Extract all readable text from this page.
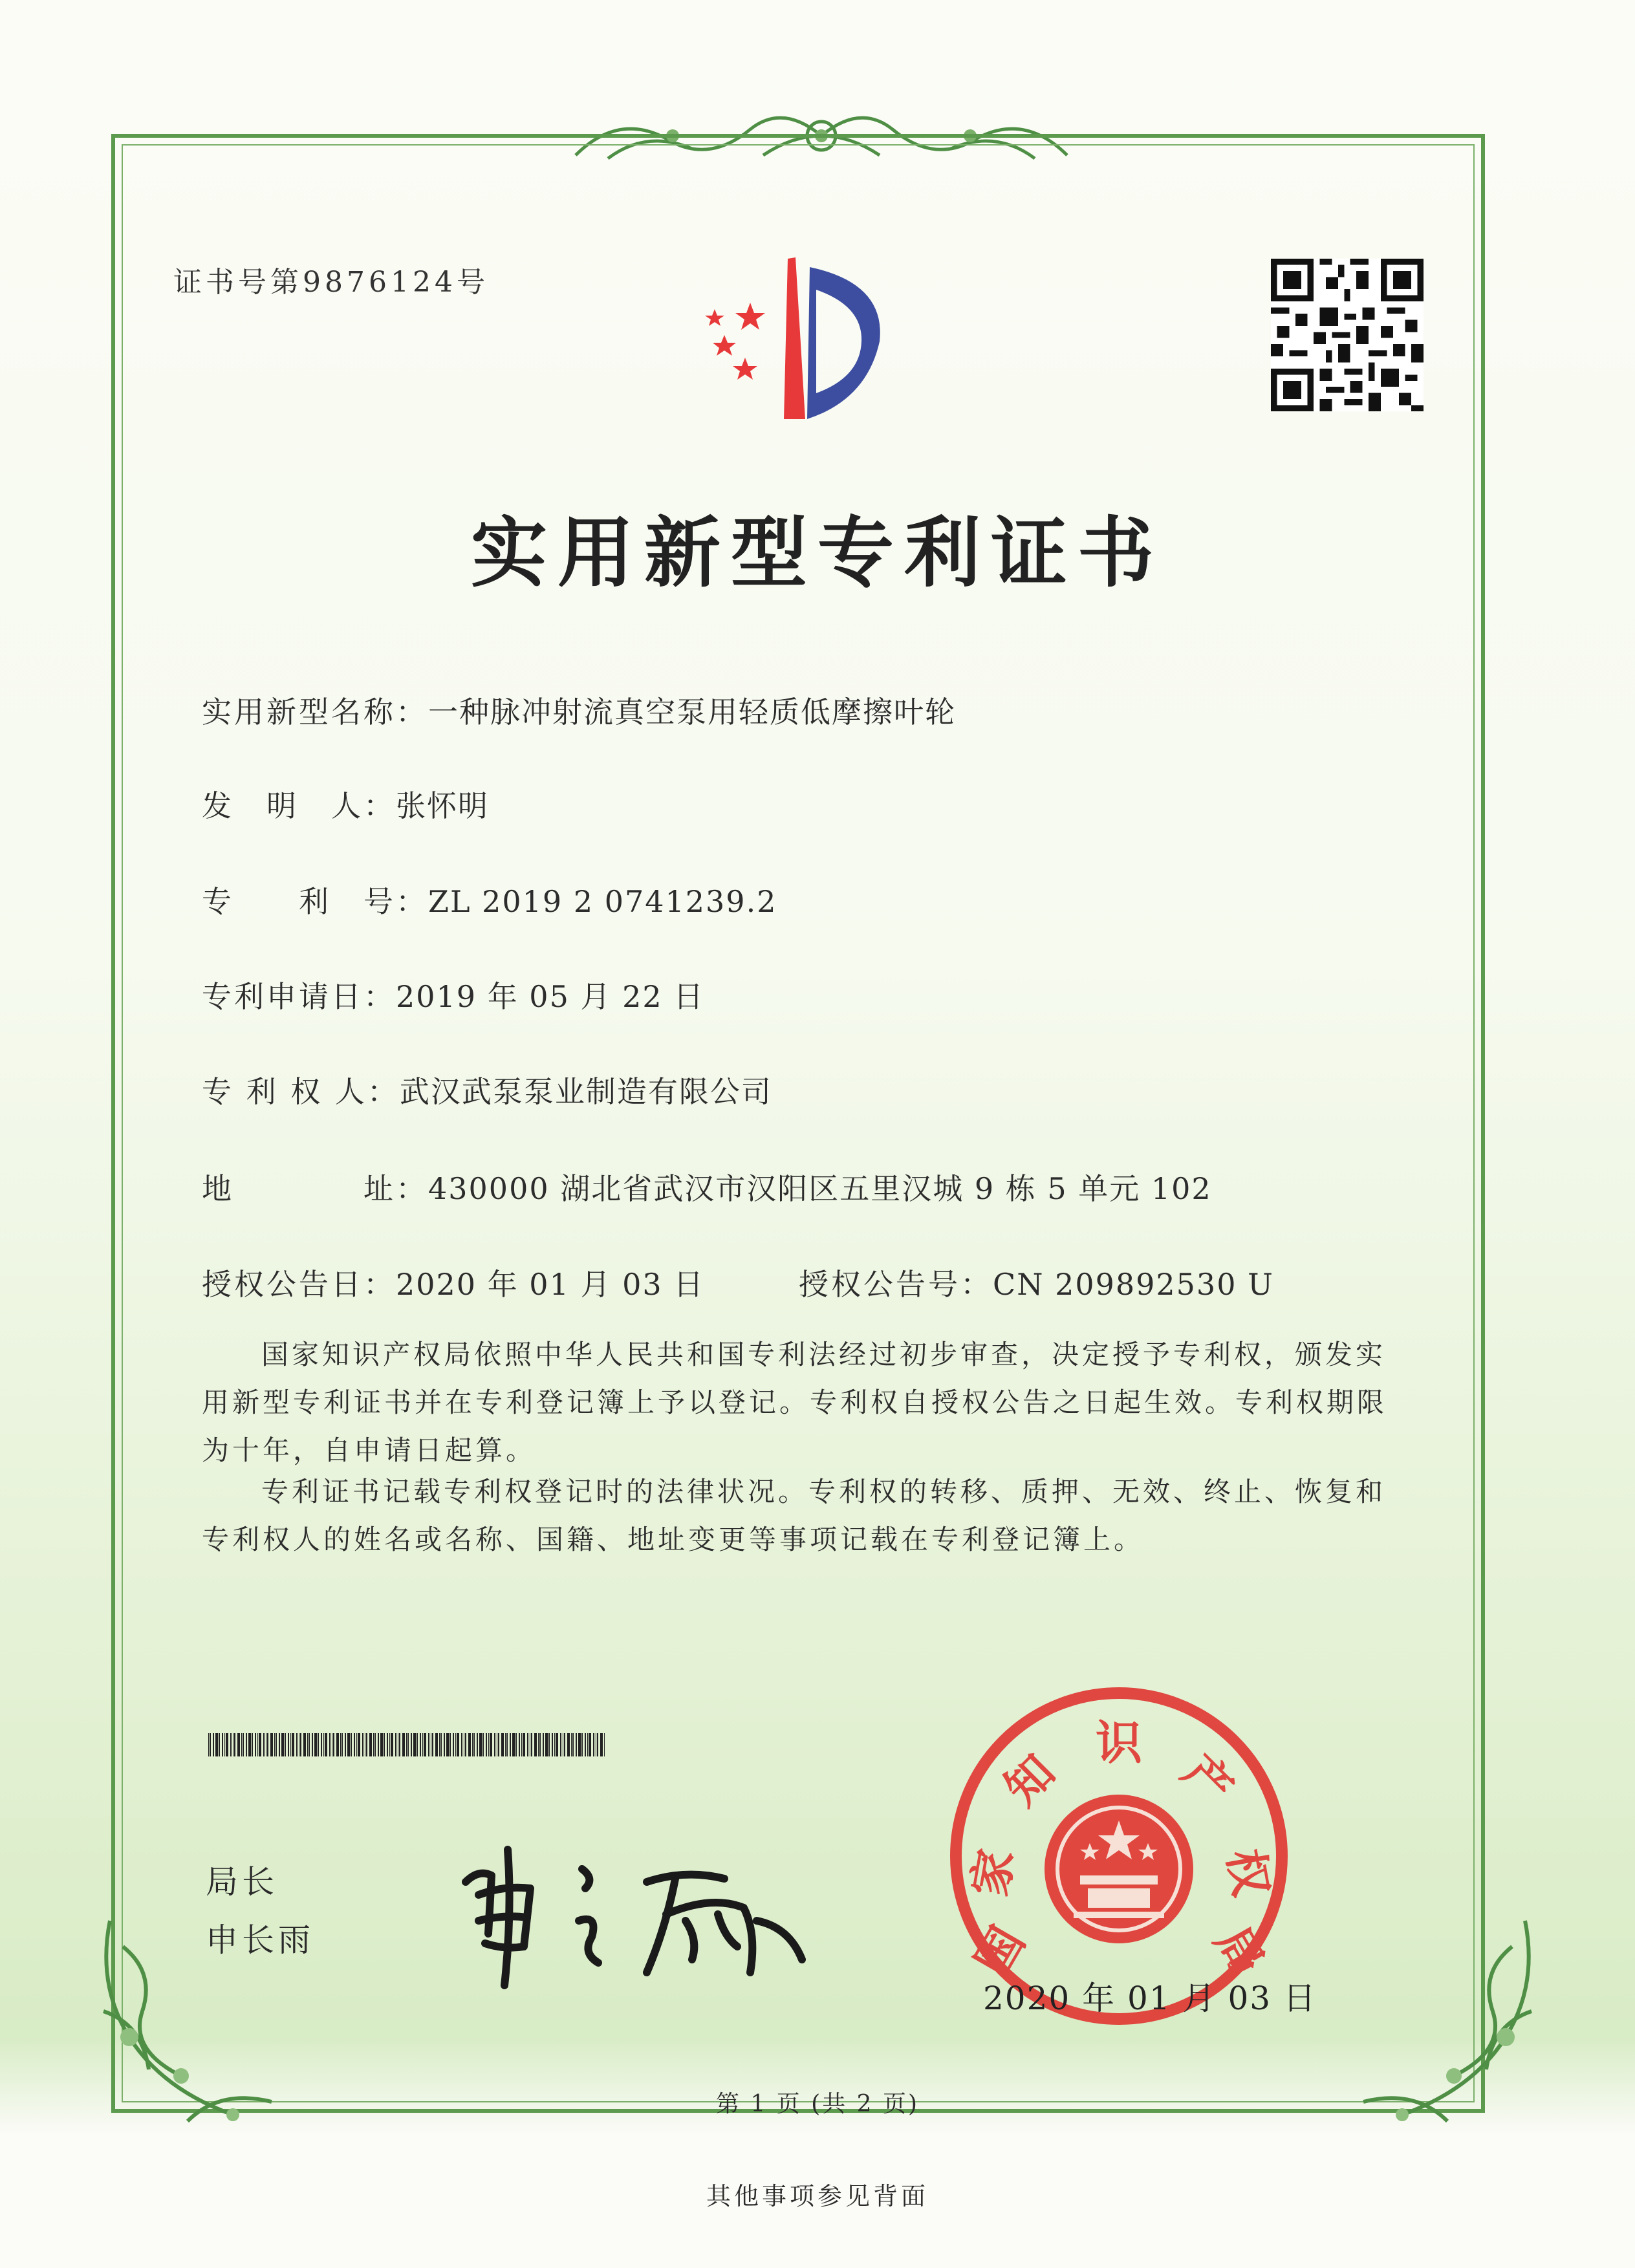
证书号第9876124号
实用新型专利证书
实用新型名称：一种脉冲射流真空泵用轻质低摩擦叶轮
发　明　人：张怀明
专　　利　号：ZL 2019 2 0741239.2
专利申请日：2019 年 05 月 22 日
专 利 权 人：武汉武泵泵业制造有限公司
地　　　　址：430000 湖北省武汉市汉阳区五里汉城 9 栋 5 单元 102
授权公告日：2020 年 01 月 03 日	授权公告号：CN 209892530 U
国家知识产权局依照中华人民共和国专利法经过初步审查，决定授予专利权，颁发实用新型专利证书并在专利登记簿上予以登记。专利权自授权公告之日起生效。专利权期限为十年，自申请日起算。
专利证书记载专利权登记时的法律状况。专利权的转移、质押、无效、终止、恢复和专利权人的姓名或名称、国籍、地址变更等事项记载在专利登记簿上。
局长
申长雨	国
家
知
识
产
权
局
2020 年 01 月 03 日
第 1 页 (共 2 页)
其他事项参见背面
